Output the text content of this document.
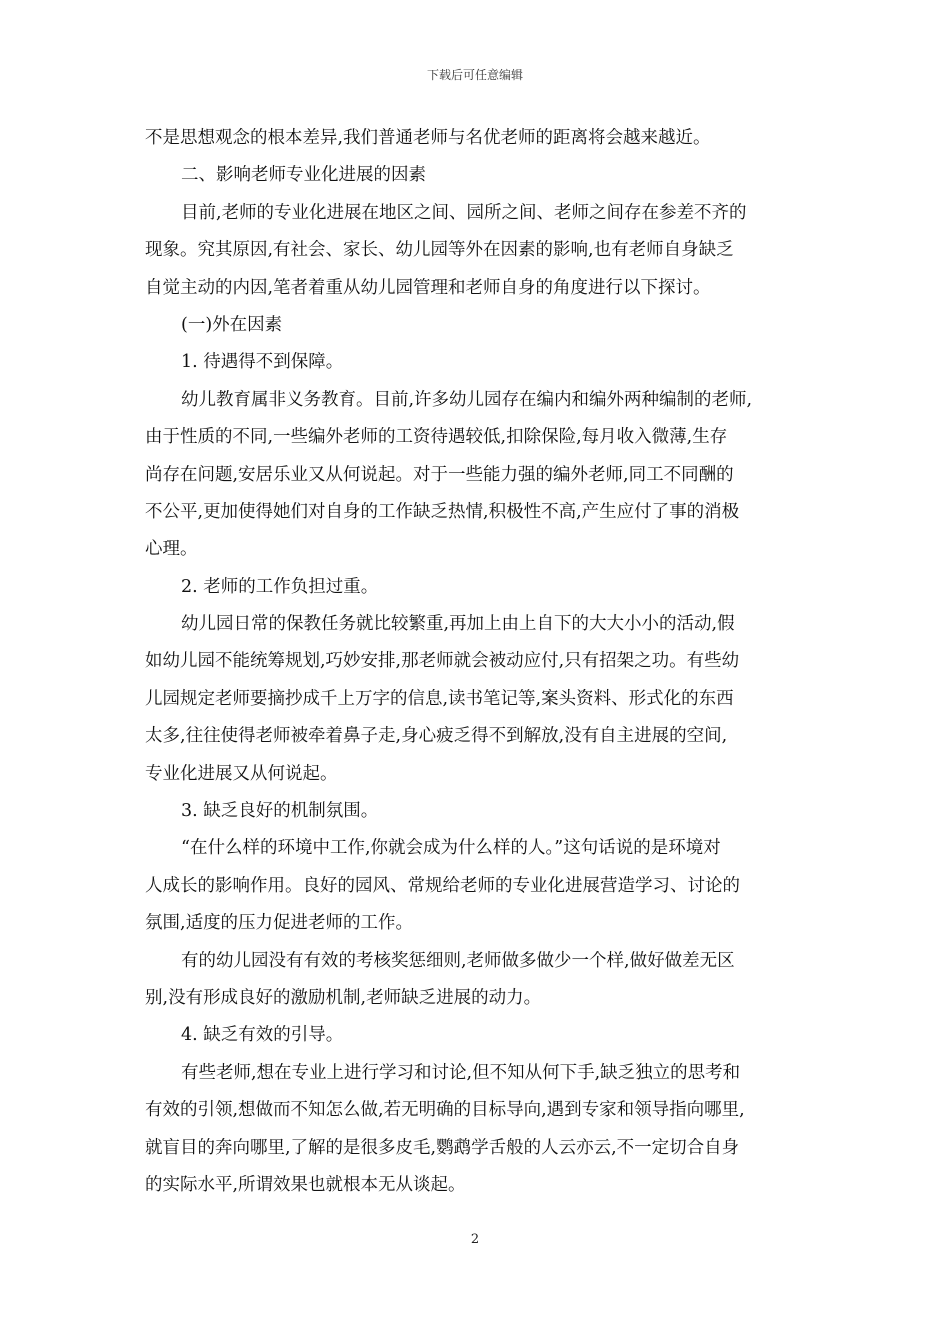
下载后可任意编辑
不是思想观念的根本差异,我们普通老师与名优老师的距离将会越来越近。
二、影响老师专业化进展的因素
目前,老师的专业化进展在地区之间、园所之间、老师之间存在参差不齐的
现象。究其原因,有社会、家长、幼儿园等外在因素的影响,也有老师自身缺乏
自觉主动的内因,笔者着重从幼儿园管理和老师自身的角度进行以下探讨。
(一)外在因素
1. 待遇得不到保障。
幼儿教育属非义务教育。目前,许多幼儿园存在编内和编外两种编制的老师,
由于性质的不同,一些编外老师的工资待遇较低,扣除保险,每月收入微薄,生存
尚存在问题,安居乐业又从何说起。对于一些能力强的编外老师,同工不同酬的
不公平,更加使得她们对自身的工作缺乏热情,积极性不高,产生应付了事的消极
心理。
2. 老师的工作负担过重。
幼儿园日常的保教任务就比较繁重,再加上由上自下的大大小小的活动,假
如幼儿园不能统筹规划,巧妙安排,那老师就会被动应付,只有招架之功。有些幼
儿园规定老师要摘抄成千上万字的信息,读书笔记等,案头资料、形式化的东西
太多,往往使得老师被牵着鼻子走,身心疲乏得不到解放,没有自主进展的空间,
专业化进展又从何说起。
3. 缺乏良好的机制氛围。
“在什么样的环境中工作,你就会成为什么样的人。”这句话说的是环境对
人成长的影响作用。良好的园风、常规给老师的专业化进展营造学习、讨论的
氛围,适度的压力促进老师的工作。
有的幼儿园没有有效的考核奖惩细则,老师做多做少一个样,做好做差无区
别,没有形成良好的激励机制,老师缺乏进展的动力。
4. 缺乏有效的引导。
有些老师,想在专业上进行学习和讨论,但不知从何下手,缺乏独立的思考和
有效的引领,想做而不知怎么做,若无明确的目标导向,遇到专家和领导指向哪里,
就盲目的奔向哪里,了解的是很多皮毛,鹦鹉学舌般的人云亦云,不一定切合自身
的实际水平,所谓效果也就根本无从谈起。
2
